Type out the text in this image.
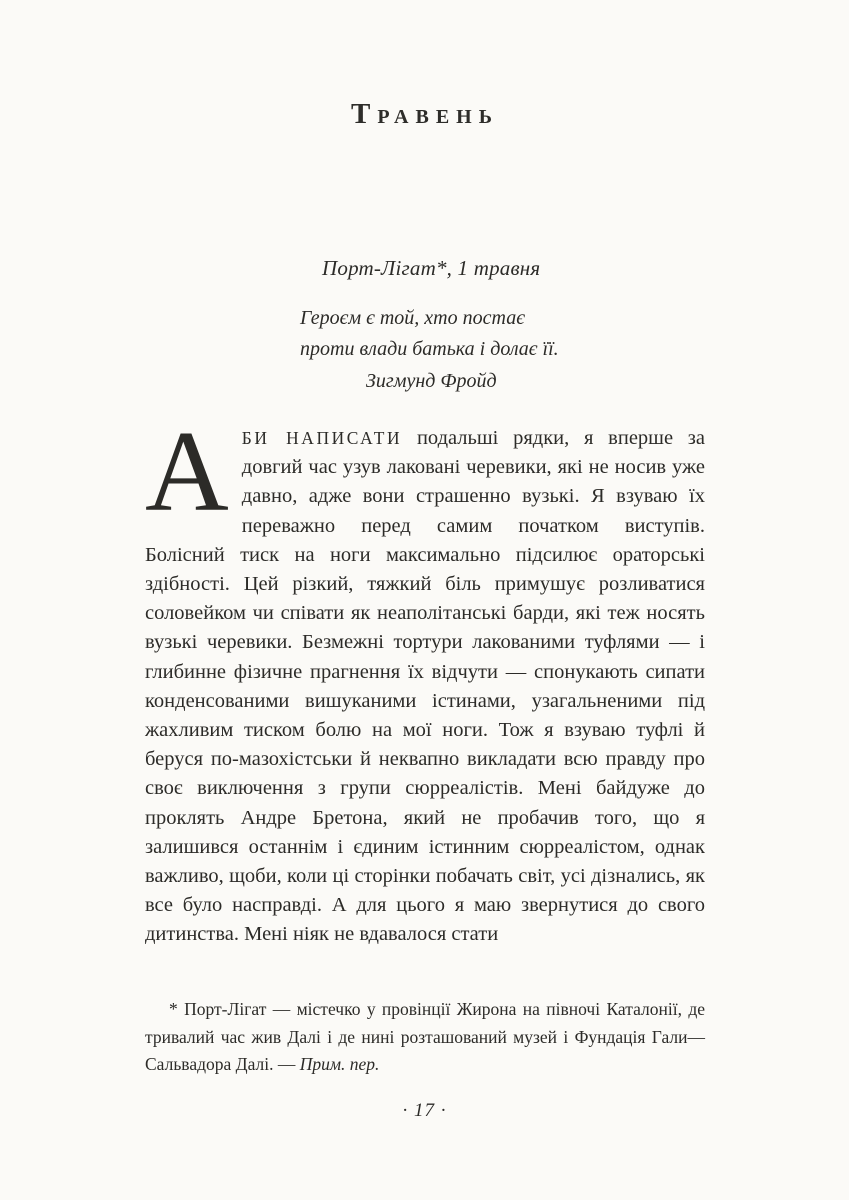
Травень
Порт-Лігат*, 1 травня
Героєм є той, хто постає
проти влади батька і долає її.
Зигмунд Фройд
АБИ НАПИСАТИ подальші рядки, я вперше за довгий час узув лаковані черевики, які не носив уже давно, адже вони страшенно вузькі. Я взуваю їх переважно перед самим початком виступів. Болісний тиск на ноги максимально підсилює ораторські здібності. Цей різкий, тяжкий біль примушує розливатися соловейком чи співати як неаполітанські барди, які теж носять вузькі черевики. Безмежні тортури лакованими туфлями — і глибинне фізичне прагнення їх відчути — спонукають сипати конденсованими вишуканими істинами, узагальненими під жахливим тиском болю на мої ноги. Тож я взуваю туфлі й беруся по-мазохістськи й неквапно викладати всю правду про своє виключення з групи сюрреалістів. Мені байдуже до проклять Андре Бретона, який не пробачив того, що я залишився останнім і єдиним істинним сюрреалістом, однак важливо, щоби, коли ці сторінки побачать світ, усі дізнались, як все було насправді. А для цього я маю звернутися до свого дитинства. Мені ніяк не вдавалося стати
* Порт-Лігат — містечко у провінції Жирона на півночі Каталонії, де тривалий час жив Далі і де нині розташований музей і Фундація Гали—Сальвадора Далі. — Прим. пер.
· 17 ·
